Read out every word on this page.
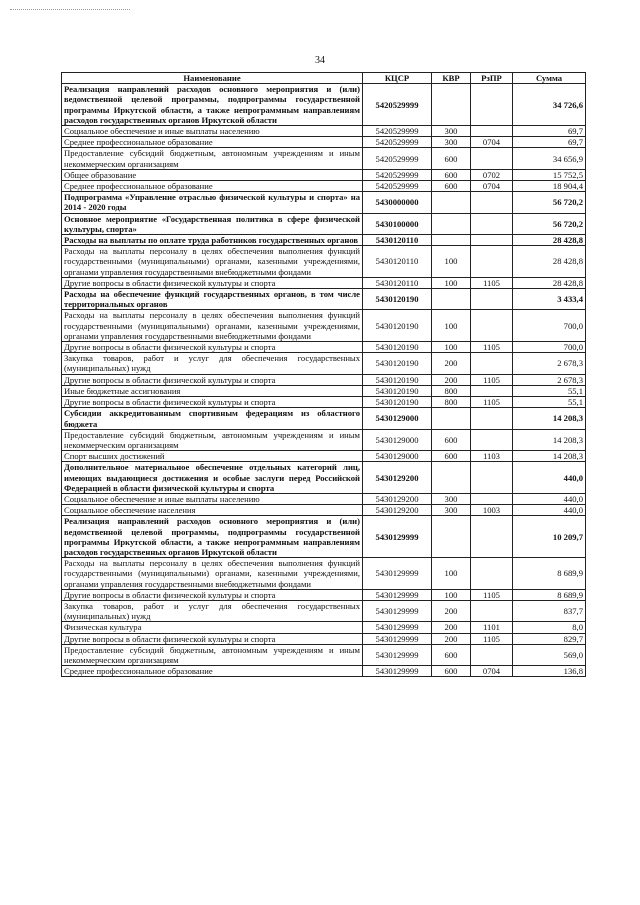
34
Наименование	КЦСР	КВР	РзПР	Сумма
Реализация направлений расходов основного мероприятия и (или) ведомственной целевой программы, подпрограммы государственной программы Иркутской области, а также непрограммным направлениям расходов государственных органов Иркутской области	5420529999			34 726,6
Социальное обеспечение и иные выплаты населению	5420529999	300		69,7
Среднее профессиональное образование	5420529999	300	0704	69,7
Предоставление субсидий бюджетным, автономным учреждениям и иным некоммерческим организациям	5420529999	600		34 656,9
Общее образование	5420529999	600	0702	15 752,5
Среднее профессиональное образование	5420529999	600	0704	18 904,4
Подпрограмма «Управление отраслью физической культуры и спорта» на 2014 - 2020 годы	5430000000			56 720,2
Основное мероприятие «Государственная политика в сфере физической культуры, спорта»	5430100000			56 720,2
Расходы на выплаты по оплате труда работников государственных органов	5430120110			28 428,8
Расходы на выплаты персоналу в целях обеспечения выполнения функций государственными (муниципальными) органами, казенными учреждениями, органами управления государственными внебюджетными фондами	5430120110	100		28 428,8
Другие вопросы в области физической культуры и спорта	5430120110	100	1105	28 428,8
Расходы на обеспечение функций государственных органов, в том числе территориальных органов	5430120190			3 433,4
Расходы на выплаты персоналу в целях обеспечения выполнения функций государственными (муниципальными) органами, казенными учреждениями, органами управления государственными внебюджетными фондами	5430120190	100		700,0
Другие вопросы в области физической культуры и спорта	5430120190	100	1105	700,0
Закупка товаров, работ и услуг для обеспечения государственных (муниципальных) нужд	5430120190	200		2 678,3
Другие вопросы в области физической культуры и спорта	5430120190	200	1105	2 678,3
Иные бюджетные ассигнования	5430120190	800		55,1
Другие вопросы в области физической культуры и спорта	5430120190	800	1105	55,1
Субсидии аккредитованным спортивным федерациям из областного бюджета	5430129000			14 208,3
Предоставление субсидий бюджетным, автономным учреждениям и иным некоммерческим организациям	5430129000	600		14 208,3
Спорт высших достижений	5430129000	600	1103	14 208,3
Дополнительное материальное обеспечение отдельных категорий лиц, имеющих выдающиеся достижения и особые заслуги перед Российской Федерацией в области физической культуры и спорта	5430129200			440,0
Социальное обеспечение и иные выплаты населению	5430129200	300		440,0
Социальное обеспечение населения	5430129200	300	1003	440,0
Реализация направлений расходов основного мероприятия и (или) ведомственной целевой программы, подпрограммы государственной программы Иркутской области, а также непрограммным направлениям расходов государственных органов Иркутской области	5430129999			10 209,7
Расходы на выплаты персоналу в целях обеспечения выполнения функций государственными (муниципальными) органами, казенными учреждениями, органами управления государственными внебюджетными фондами	5430129999	100		8 689,9
Другие вопросы в области физической культуры и спорта	5430129999	100	1105	8 689,9
Закупка товаров, работ и услуг для обеспечения государственных (муниципальных) нужд	5430129999	200		837,7
Физическая культура	5430129999	200	1101	8,0
Другие вопросы в области физической культуры и спорта	5430129999	200	1105	829,7
Предоставление субсидий бюджетным, автономным учреждениям и иным некоммерческим организациям	5430129999	600		569,0
Среднее профессиональное образование	5430129999	600	0704	136,8
